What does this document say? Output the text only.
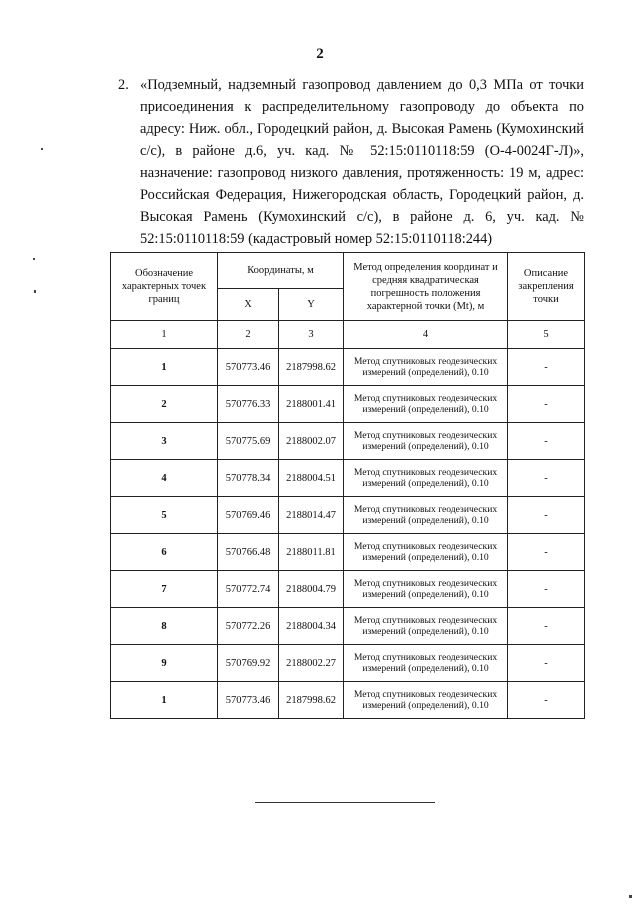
2
2. «Подземный, надземный газопровод давлением до 0,3 МПа от точки присоединения к распределительному газопроводу до объекта по адресу: Ниж. обл., Городецкий район, д. Высокая Рамень (Кумохинский с/с), в районе д.6, уч. кад. № 52:15:0110118:59 (О-4-0024Г-Л)», назначение: газопровод низкого давления, протяженность: 19 м, адрес: Российская Федерация, Нижегородская область, Городецкий район, д. Высокая Рамень (Кумохинский с/с), в районе д. 6, уч. кад. № 52:15:0110118:59 (кадастровый номер 52:15:0110118:244)
Обозначение характерных точек границ	Координаты, м		Метод определения координат и средняя квадратическая погрешность положения характерной точки (Mt), м	Описание закрепления точки
	X	Y		
1	2	3	4	5
1	570773.46	2187998.62	Метод спутниковых геодезических измерений (определений), 0.10	-
2	570776.33	2188001.41	Метод спутниковых геодезических измерений (определений), 0.10	-
3	570775.69	2188002.07	Метод спутниковых геодезических измерений (определений), 0.10	-
4	570778.34	2188004.51	Метод спутниковых геодезических измерений (определений), 0.10	-
5	570769.46	2188014.47	Метод спутниковых геодезических измерений (определений), 0.10	-
6	570766.48	2188011.81	Метод спутниковых геодезических измерений (определений), 0.10	-
7	570772.74	2188004.79	Метод спутниковых геодезических измерений (определений), 0.10	-
8	570772.26	2188004.34	Метод спутниковых геодезических измерений (определений), 0.10	-
9	570769.92	2188002.27	Метод спутниковых геодезических измерений (определений), 0.10	-
1	570773.46	2187998.62	Метод спутниковых геодезических измерений (определений), 0.10	-
